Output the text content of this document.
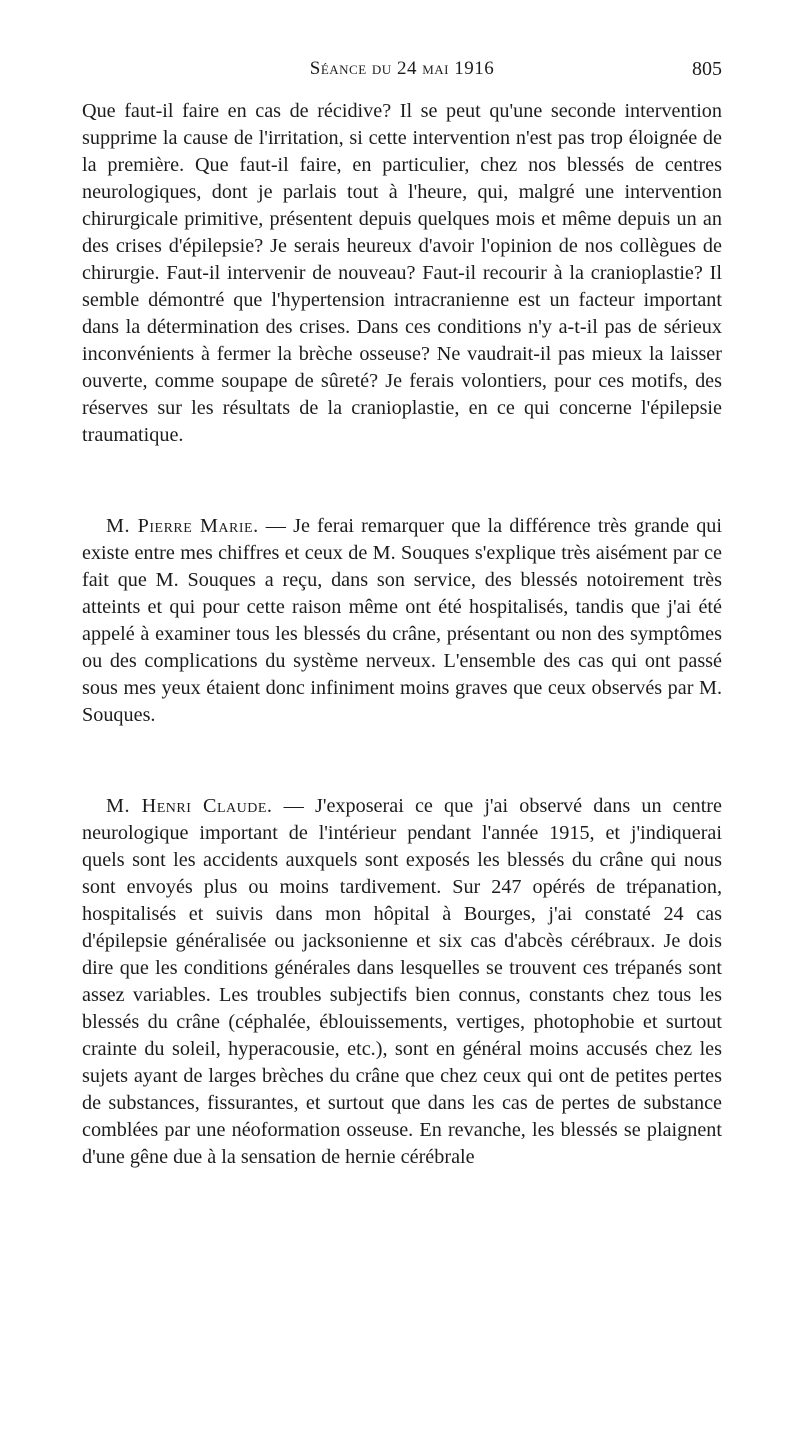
Séance du 24 mai 1916	805

Que faut-il faire en cas de récidive? Il se peut qu'une seconde intervention supprime la cause de l'irritation, si cette intervention n'est pas trop éloignée de la première. Que faut-il faire, en particulier, chez nos blessés de centres neurologiques, dont je parlais tout à l'heure, qui, malgré une intervention chirurgicale primitive, présentent depuis quelques mois et même depuis un an des crises d'épilepsie? Je serais heureux d'avoir l'opinion de nos collègues de chirurgie. Faut-il intervenir de nouveau? Faut-il recourir à la cranioplastie? Il semble démontré que l'hypertension intracranienne est un facteur important dans la détermination des crises. Dans ces conditions n'y a-t-il pas de sérieux inconvénients à fermer la brèche osseuse? Ne vaudrait-il pas mieux la laisser ouverte, comme soupape de sûreté? Je ferais volontiers, pour ces motifs, des réserves sur les résultats de la cranioplastie, en ce qui concerne l'épilepsie traumatique.

M. Pierre Marie. — Je ferai remarquer que la différence très grande qui existe entre mes chiffres et ceux de M. Souques s'explique très aisément par ce fait que M. Souques a reçu, dans son service, des blessés notoirement très atteints et qui pour cette raison même ont été hospitalisés, tandis que j'ai été appelé à examiner tous les blessés du crâne, présentant ou non des symptômes ou des complications du système nerveux. L'ensemble des cas qui ont passé sous mes yeux étaient donc infiniment moins graves que ceux observés par M. Souques.

M. Henri Claude. — J'exposerai ce que j'ai observé dans un centre neurologique important de l'intérieur pendant l'année 1915, et j'indiquerai quels sont les accidents auxquels sont exposés les blessés du crâne qui nous sont envoyés plus ou moins tardivement. Sur 247 opérés de trépanation, hospitalisés et suivis dans mon hôpital à Bourges, j'ai constaté 24 cas d'épilepsie généralisée ou jacksonienne et six cas d'abcès cérébraux. Je dois dire que les conditions générales dans lesquelles se trouvent ces trépanés sont assez variables. Les troubles subjectifs bien connus, constants chez tous les blessés du crâne (céphalée, éblouissements, vertiges, photophobie et surtout crainte du soleil, hyperacousie, etc.), sont en général moins accusés chez les sujets ayant de larges brèches du crâne que chez ceux qui ont de petites pertes de substances, fissurantes, et surtout que dans les cas de pertes de substance comblées par une néoformation osseuse. En revanche, les blessés se plaignent d'une gêne due à la sensation de hernie cérébrale
